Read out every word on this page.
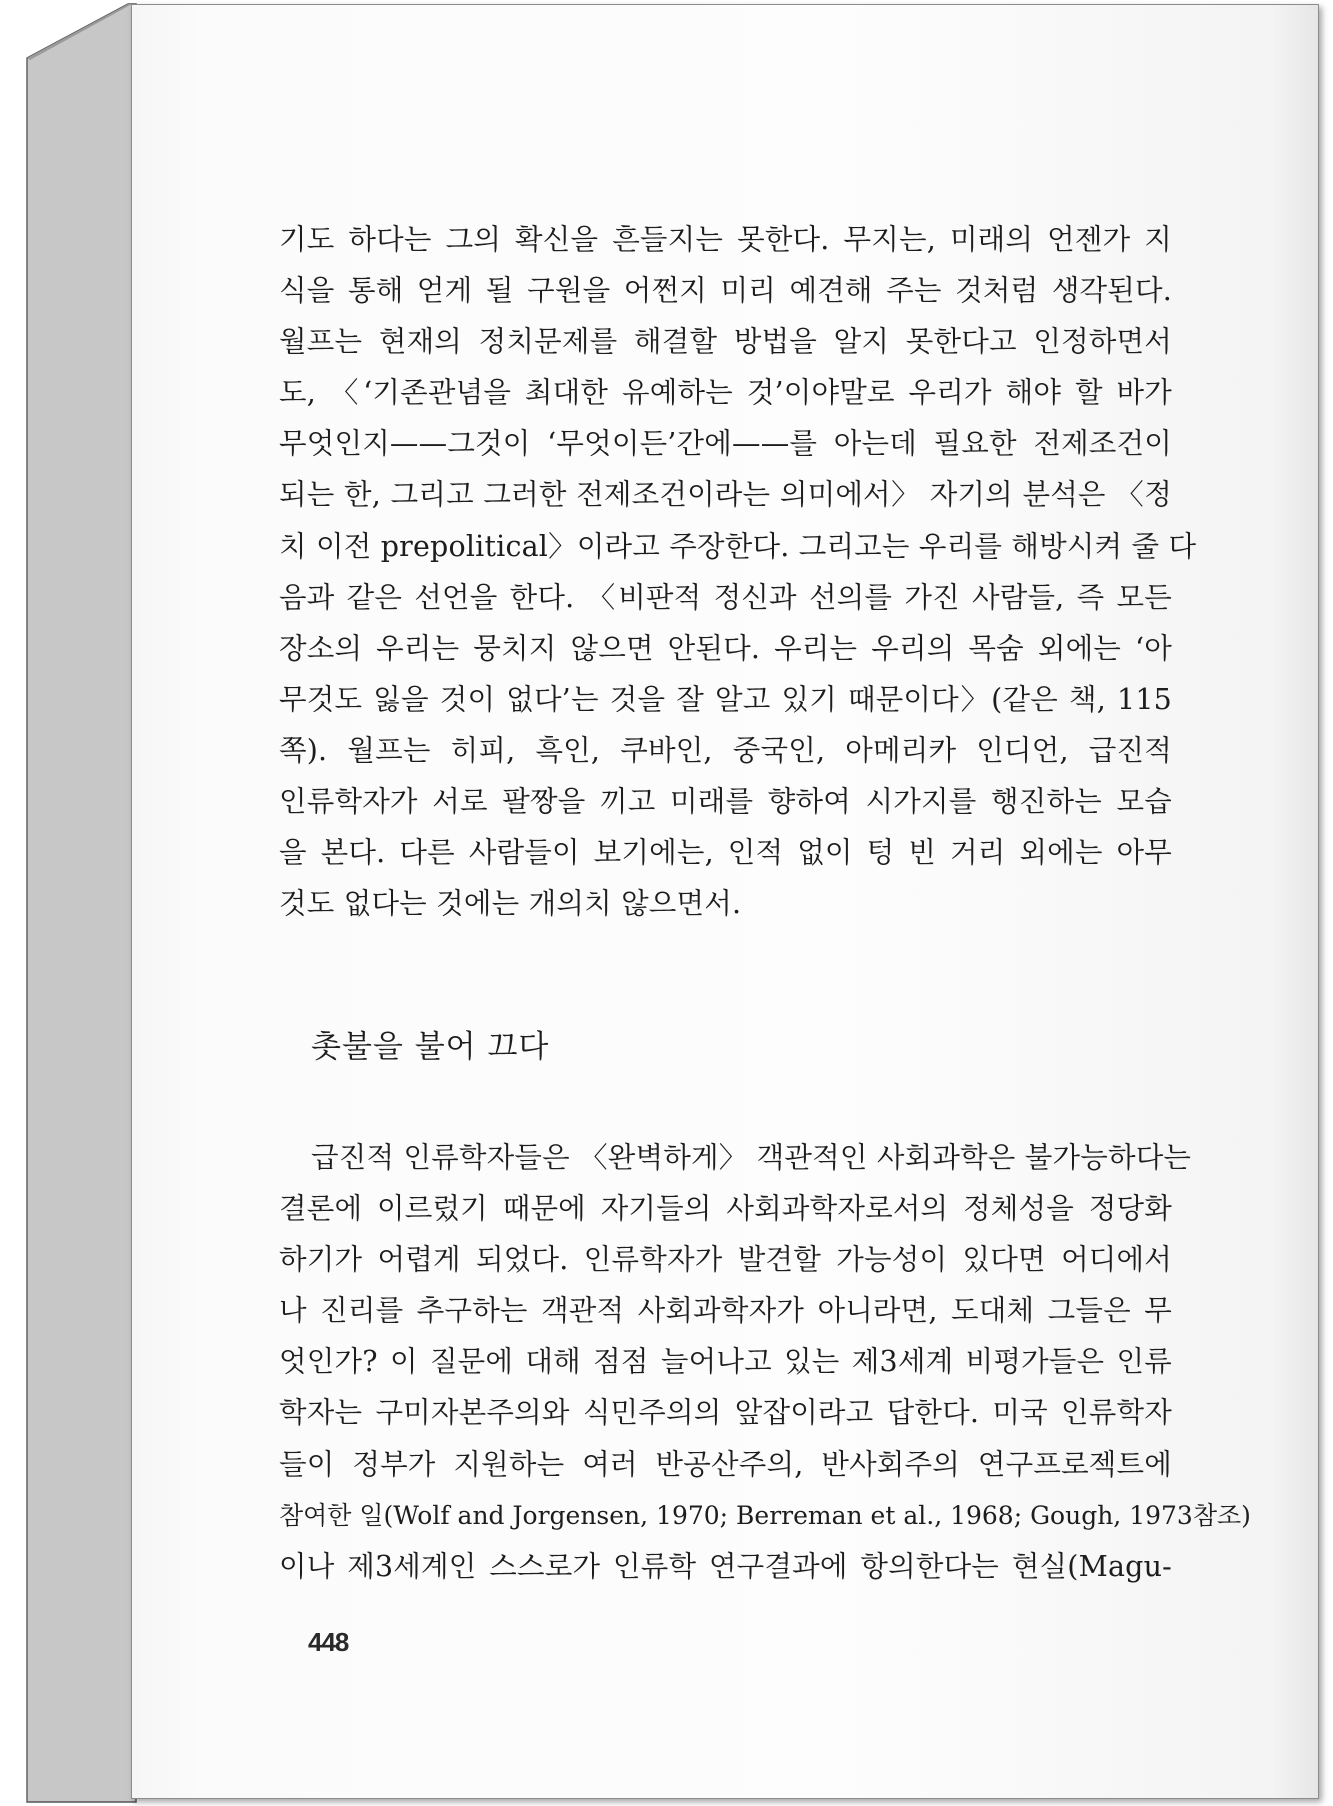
기도 하다는 그의 확신을 흔들지는 못한다. 무지는, 미래의 언젠가 지
식을 통해 얻게 될 구원을 어쩐지 미리 예견해 주는 것처럼 생각된다.
월프는 현재의 정치문제를 해결할 방법을 알지 못한다고 인정하면서
도, 〈‘기존관념을 최대한 유예하는 것’이야말로 우리가 해야 할 바가
무엇인지——그것이 ‘무엇이든’간에——를 아는데 필요한 전제조건이
되는 한, 그리고 그러한 전제조건이라는 의미에서〉 자기의 분석은 〈정
치 이전 prepolitical〉이라고 주장한다. 그리고는 우리를 해방시켜 줄 다
음과 같은 선언을 한다. 〈비판적 정신과 선의를 가진 사람들, 즉 모든
장소의 우리는 뭉치지 않으면 안된다. 우리는 우리의 목숨 외에는 ‘아
무것도 잃을 것이 없다’는 것을 잘 알고 있기 때문이다〉(같은 책, 115
쪽). 월프는 히피, 흑인, 쿠바인, 중국인, 아메리카 인디언, 급진적
인류학자가 서로 팔짱을 끼고 미래를 향하여 시가지를 행진하는 모습
을 본다. 다른 사람들이 보기에는, 인적 없이 텅 빈 거리 외에는 아무
것도 없다는 것에는 개의치 않으면서.
촛불을 불어 끄다
급진적 인류학자들은 〈완벽하게〉 객관적인 사회과학은 불가능하다는
결론에 이르렀기 때문에 자기들의 사회과학자로서의 정체성을 정당화
하기가 어렵게 되었다. 인류학자가 발견할 가능성이 있다면 어디에서
나 진리를 추구하는 객관적 사회과학자가 아니라면, 도대체 그들은 무
엇인가? 이 질문에 대해 점점 늘어나고 있는 제3세계 비평가들은 인류
학자는 구미자본주의와 식민주의의 앞잡이라고 답한다. 미국 인류학자
들이 정부가 지원하는 여러 반공산주의, 반사회주의 연구프로젝트에
참여한 일(Wolf and Jorgensen, 1970; Berreman et al., 1968; Gough, 1973참조)
이나 제3세계인 스스로가 인류학 연구결과에 항의한다는 현실(Magu-
448
